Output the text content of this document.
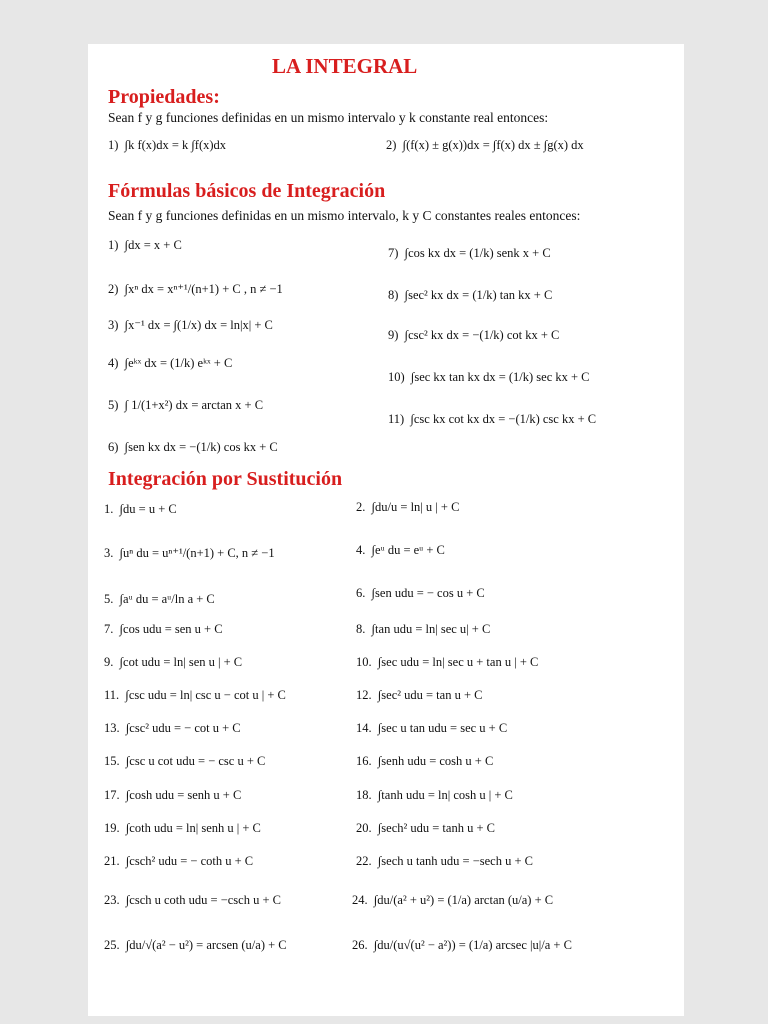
LA INTEGRAL
Propiedades:
Sean f y g funciones definidas en un mismo intervalo y k constante real entonces:
1) ∫k f(x)dx = k ∫f(x)dx	2) ∫(f(x) ± g(x))dx = ∫f(x) dx ± ∫g(x) dx
Fórmulas básicos de Integración
Sean f y g funciones definidas en un mismo intervalo, k y C constantes reales entonces:
1) ∫dx = x + C
2) ∫xⁿ dx = xⁿ⁺¹/(n+1) + C , n ≠ −1
3) ∫x⁻¹ dx = ∫(1/x) dx = ln|x| + C
4) ∫eᵏˣ dx = (1/k) eᵏˣ + C
5) ∫ 1/(1+x²) dx = arctan x + C
6) ∫sen kx dx = −(1/k) cos kx + C
7) ∫cos kx dx = (1/k) senk x + C
8) ∫sec² kx dx = (1/k) tan kx + C
9) ∫csc² kx dx = −(1/k) cot kx + C
10) ∫sec kx tan kx dx = (1/k) sec kx + C
11) ∫csc kx cot kx dx = −(1/k) csc kx + C
Integración por Sustitución
1. ∫du = u + C	2. ∫du/u = ln| u | + C
3. ∫uⁿ du = uⁿ⁺¹/(n+1) + C, n ≠ −1	4. ∫eᵘ du = eᵘ + C
5. ∫aᵘ du = aᵘ/ln a + C	6. ∫sen udu = − cos u + C
7. ∫cos udu = sen u + C	8. ∫tan udu = ln| sec u| + C
9. ∫cot udu = ln| sen u | + C	10. ∫sec udu = ln| sec u + tan u | + C
11. ∫csc udu = ln| csc u − cot u | + C	12. ∫sec² udu = tan u + C
13. ∫csc² udu = − cot u + C	14. ∫sec u tan udu = sec u + C
15. ∫csc u cot udu = − csc u + C	16. ∫senh udu = cosh u + C
17. ∫cosh udu = senh u + C	18. ∫tanh udu = ln| cosh u | + C
19. ∫coth udu = ln| senh u | + C	20. ∫sech² udu = tanh u + C
21. ∫csch² udu = − coth u + C	22. ∫sech u tanh udu = −sech u + C
23. ∫csch u coth udu = −csch u + C	24. ∫du/(a² + u²) = (1/a) arctan (u/a) + C
25. ∫du/√(a² − u²) = arcsen (u/a) + C	26. ∫du/(u√(u² − a²)) = (1/a) arcsec |u|/a + C
